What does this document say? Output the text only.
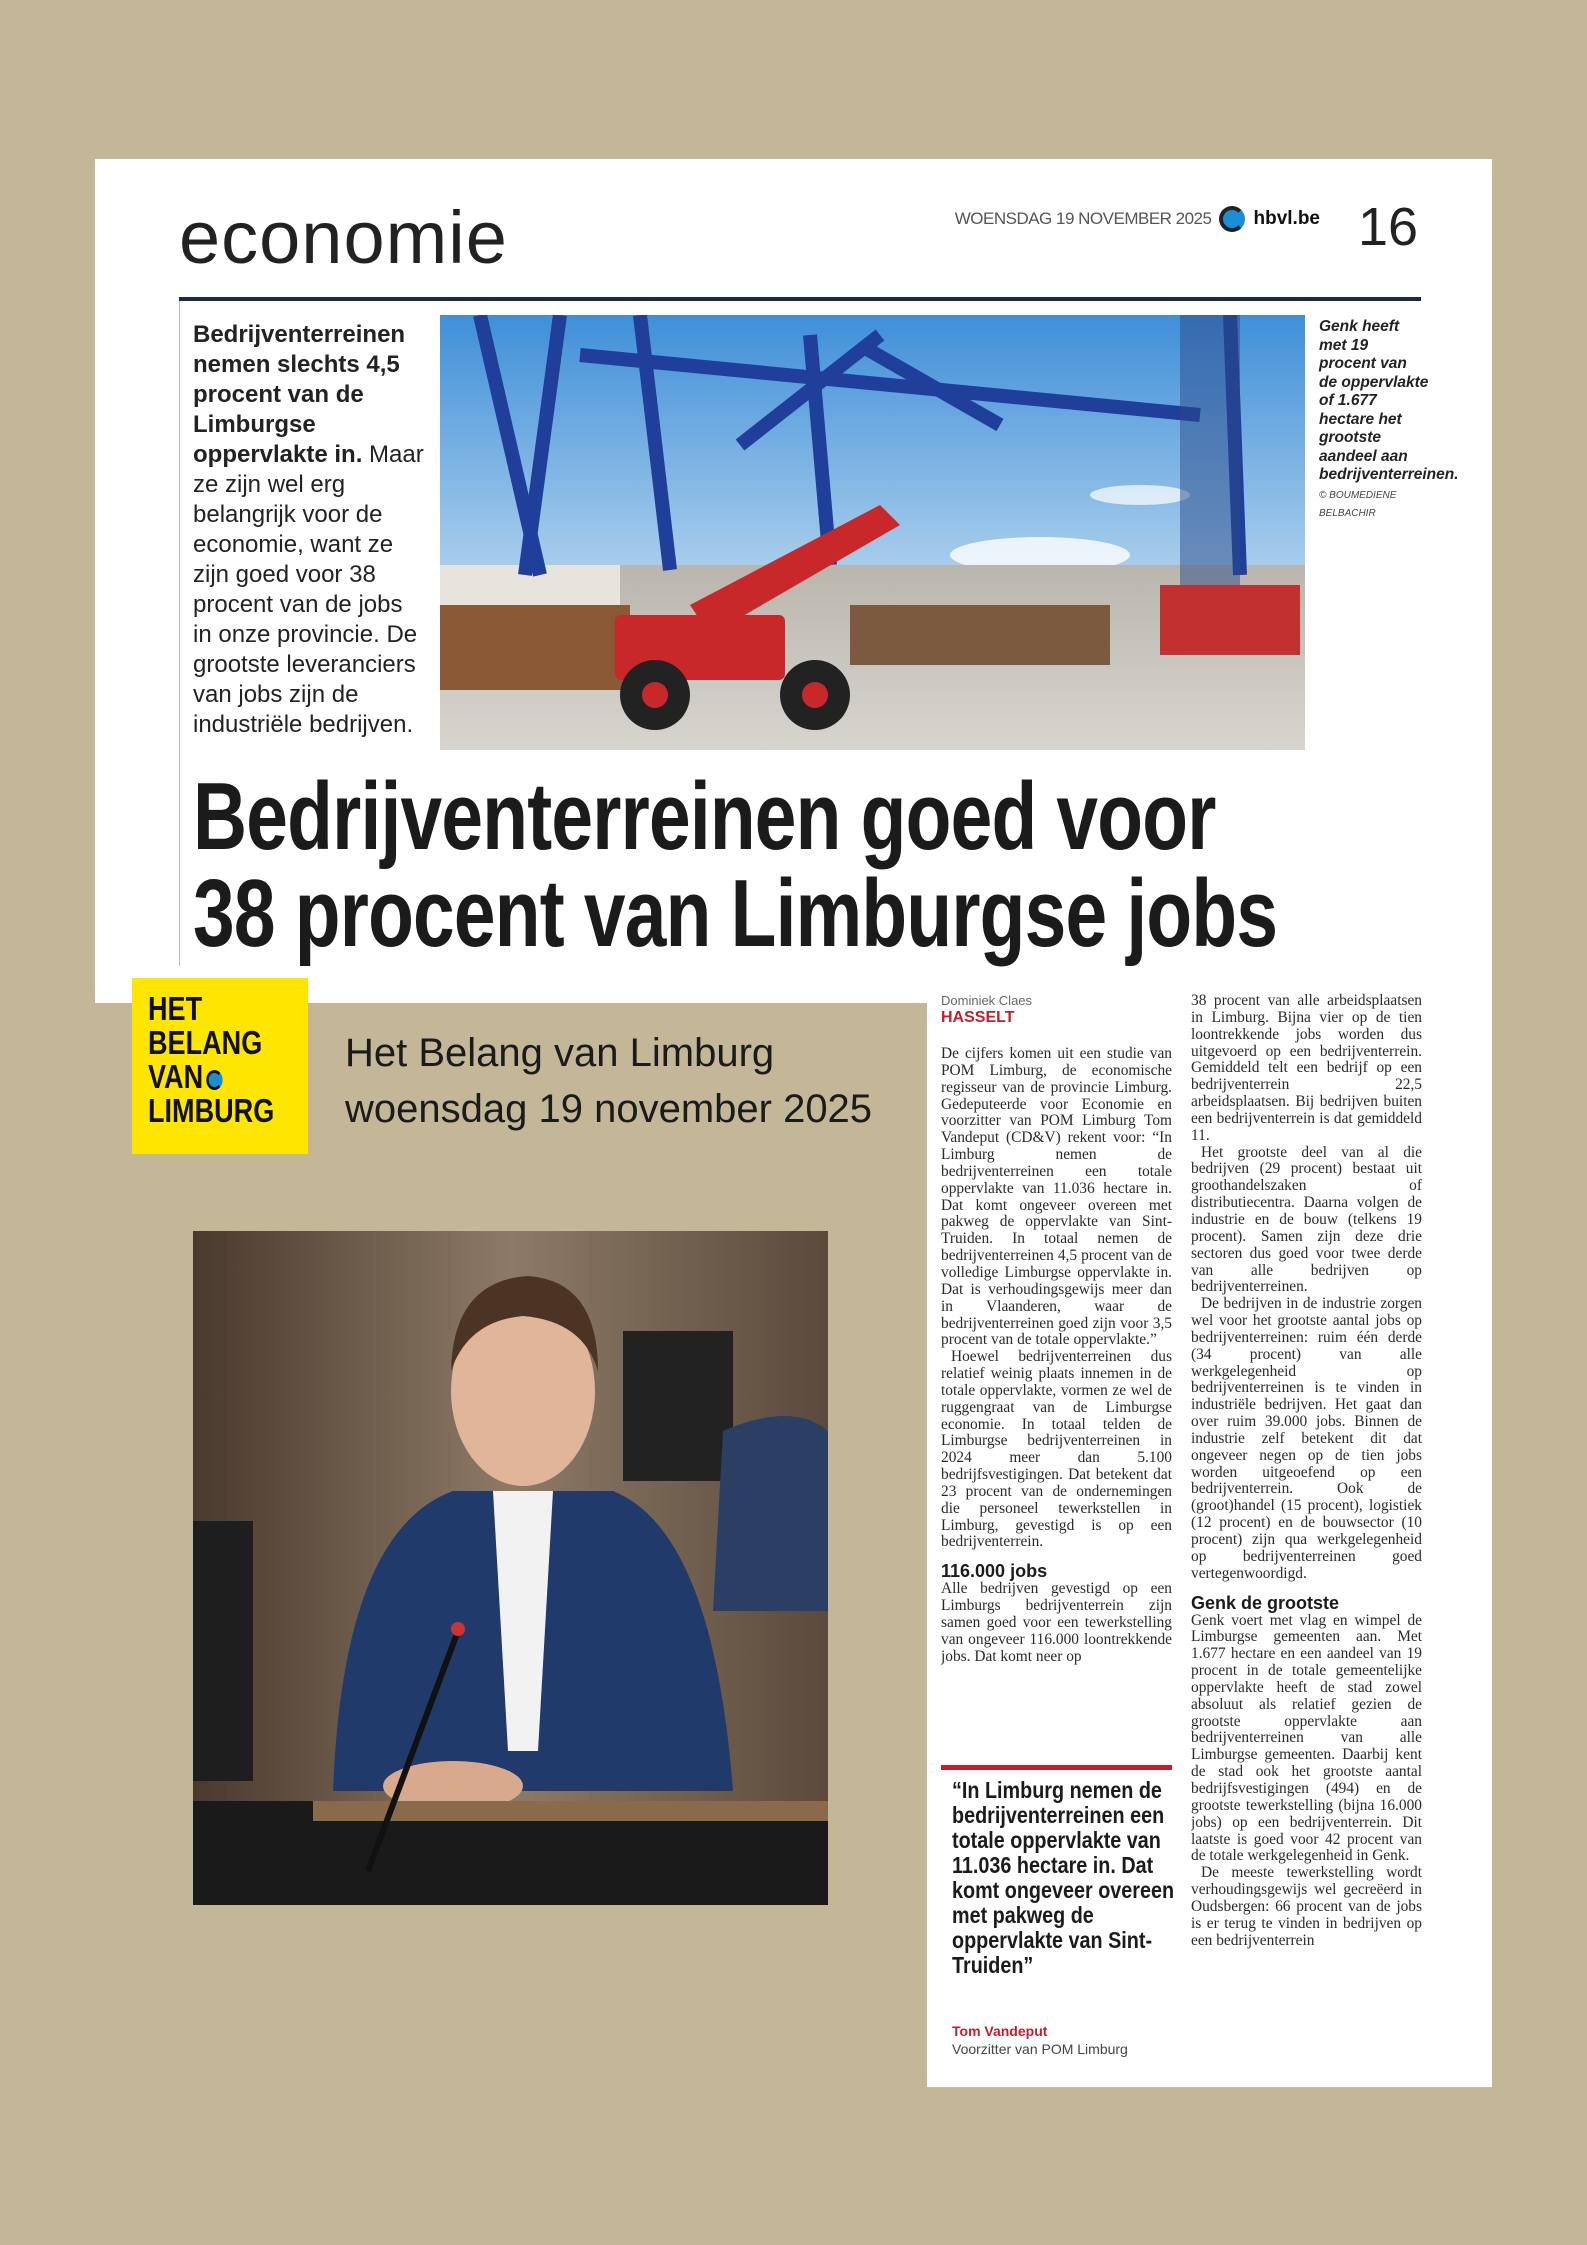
economie	WOENSDAG 19 NOVEMBER 2025 hbvl.be 16
Bedrijventerreinen nemen slechts 4,5 procent van de Limburgse oppervlakte in. Maar ze zijn wel erg belangrijk voor de economie, want ze zijn goed voor 38 procent van de jobs in onze provincie. De grootste leveranciers van jobs zijn de industriële bedrijven.
Genk heeft met 19 procent van de oppervlakte of 1.677 hectare het grootste aandeel aan bedrijventerreinen.
© BOUMEDIENE BELBACHIR
Bedrijventerreinen goed voor
38 procent van Limburgse jobs
HET
BELANG
VAN
LIMBURG
Het Belang van Limburg
woensdag 19 november 2025
Dominiek Claes
HASSELT

De cijfers komen uit een studie van POM Limburg, de economische regisseur van de provincie Limburg. Gedeputeerde voor Economie en voorzitter van POM Limburg Tom Vandeput (CD&V) rekent voor: “In Limburg nemen de bedrijventerreinen een totale oppervlakte van 11.036 hectare in. Dat komt ongeveer overeen met pakweg de oppervlakte van Sint-Truiden. In totaal nemen de bedrijventerreinen 4,5 procent van de volledige Limburgse oppervlakte in. Dat is verhoudingsgewijs meer dan in Vlaanderen, waar de bedrijventerreinen goed zijn voor 3,5 procent van de totale oppervlakte.”

Hoewel bedrijventerreinen dus relatief weinig plaats innemen in de totale oppervlakte, vormen ze wel de ruggengraat van de Limburgse economie. In totaal telden de Limburgse bedrijventerreinen in 2024 meer dan 5.100 bedrijfsvestigingen. Dat betekent dat 23 procent van de ondernemingen die personeel tewerkstellen in Limburg, gevestigd is op een bedrijventerrein.

116.000 jobs

Alle bedrijven gevestigd op een Limburgs bedrijventerrein zijn samen goed voor een tewerkstelling van ongeveer 116.000 loontrekkende jobs. Dat komt neer op

38 procent van alle arbeidsplaatsen in Limburg. Bijna vier op de tien loontrekkende jobs worden dus uitgevoerd op een bedrijventerrein. Gemiddeld telt een bedrijf op een bedrijventerrein 22,5 arbeidsplaatsen. Bij bedrijven buiten een bedrijventerrein is dat gemiddeld 11.

Het grootste deel van al die bedrijven (29 procent) bestaat uit groothandelszaken of distributiecentra. Daarna volgen de industrie en de bouw (telkens 19 procent). Samen zijn deze drie sectoren dus goed voor twee derde van alle bedrijven op bedrijventerreinen.

De bedrijven in de industrie zorgen wel voor het grootste aantal jobs op bedrijventerreinen: ruim één derde (34 procent) van alle werkgelegenheid op bedrijventerreinen is te vinden in industriële bedrijven. Het gaat dan over ruim 39.000 jobs. Binnen de industrie zelf betekent dit dat ongeveer negen op de tien jobs worden uitgeoefend op een bedrijventerrein. Ook de (groot)handel (15 procent), logistiek (12 procent) en de bouwsector (10 procent) zijn qua werkgelegenheid op bedrijventerreinen goed vertegenwoordigd.

Genk de grootste

Genk voert met vlag en wimpel de Limburgse gemeenten aan. Met 1.677 hectare en een aandeel van 19 procent in de totale gemeentelijke oppervlakte heeft de stad zowel absoluut als relatief gezien de grootste oppervlakte aan bedrijventerreinen van alle Limburgse gemeenten. Daarbij kent de stad ook het grootste aantal bedrijfsvestigingen (494) en de grootste tewerkstelling (bijna 16.000 jobs) op een bedrijventerrein. Dit laatste is goed voor 42 procent van de totale werkgelegenheid in Genk.

De meeste tewerkstelling wordt verhoudingsgewijs wel gecreëerd in Oudsbergen: 66 procent van de jobs is er terug te vinden in bedrijven op een bedrijventerrein

“In Limburg nemen de bedrijventerreinen een totale oppervlakte van 11.036 hectare in. Dat komt ongeveer overeen met pakweg de oppervlakte van Sint-Truiden”
Tom Vandeput
Voorzitter van POM Limburg
